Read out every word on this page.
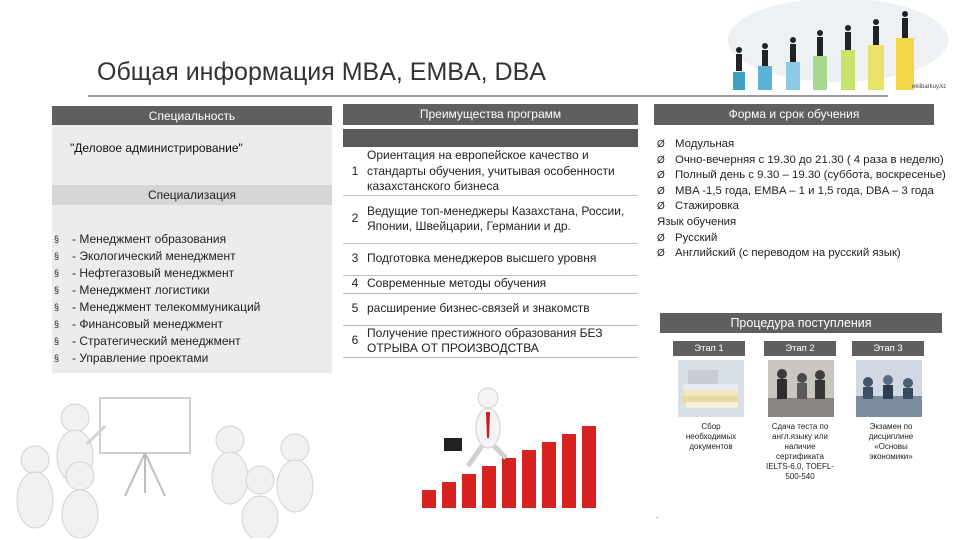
Общая информация MBA, EMBA, DBA
ekiibarkuy.kz
Специальность	Преимущества программ	Форма и срок обучения
"Деловое администрирование"
Специализация
§	- Менеджмент образования
§	- Экологический менеджмент
§	- Нефтегазовый менеджмент
§	- Менеджмент логистики
§	- Менеджмент телекоммуникаций
§	- Финансовый менеджмент
§	- Стратегический менеджмент
§	- Управление проектами
1	Ориентация на европейское качество и стандарты обучения, учитывая особенности казахстанского бизнеса
2	Ведущие топ-менеджеры Казахстана, России, Японии, Швейцарии, Германии и др.
3	Подготовка менеджеров высшего уровня
4	Современные методы обучения
5	расширение бизнес-связей и знакомств
6	Получение престижного образования БЕЗ ОТРЫВА ОТ ПРОИЗВОДСТВА
Ø Модульная
Ø Очно-вечерняя с 19.30 до 21.30 ( 4 раза в неделю)
Ø Полный день с 9.30 – 19.30 (суббота, воскресенье)
Ø MBA -1,5 года, EMBA – 1 и 1,5 года, DBA – 3 года
Ø Стажировка
Язык обучения
Ø Русский
Ø Английский (с переводом на русский язык)
Процедура поступления
Этап 1	Этап 2	Этап 3
Сбор необходимых документов
Сдача теста по англ.языку или наличие сертификата IELTS-6.0, TOEFL-500-540
Экзамен по дисциплине «Основы экономики»
.
